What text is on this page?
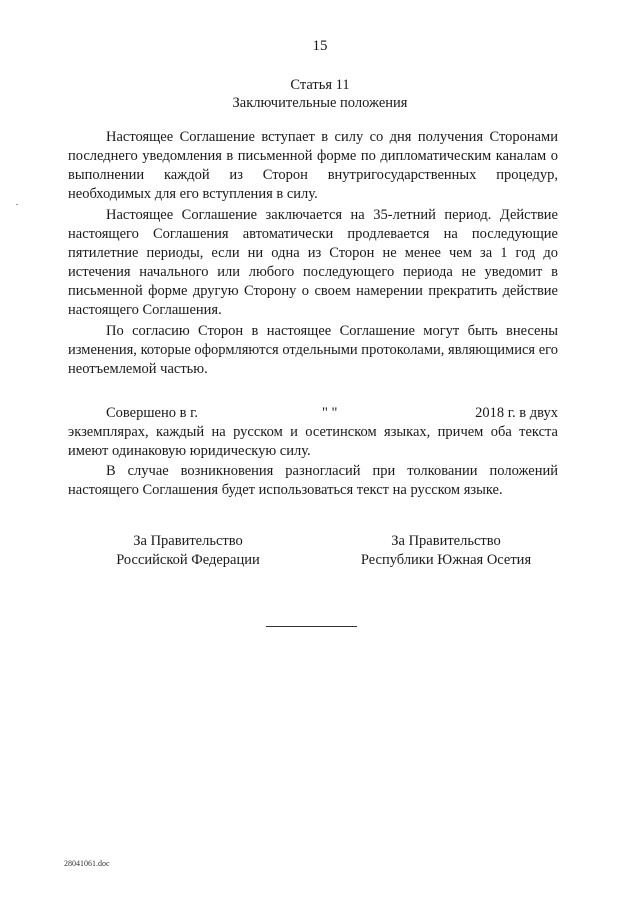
15
Статья 11
Заключительные положения

Настоящее Соглашение вступает в силу со дня получения Сторонами последнего уведомления в письменной форме по дипломатическим каналам о выполнении каждой из Сторон внутригосударственных процедур, необходимых для его вступления в силу.

Настоящее Соглашение заключается на 35-летний период. Действие настоящего Соглашения автоматически продлевается на последующие пятилетние периоды, если ни одна из Сторон не менее чем за 1 год до истечения начального или любого последующего периода не уведомит в письменной форме другую Сторону о своем намерении прекратить действие настоящего Соглашения.

По согласию Сторон в настоящее Соглашение могут быть внесены изменения, которые оформляются отдельными протоколами, являющимися его неотъемлемой частью.

Совершено в г.	" "	2018 г. в двух
экземплярах, каждый на русском и осетинском языках, причем оба текста имеют одинаковую юридическую силу.

В случае возникновения разногласий при толковании положений настоящего Соглашения будет использоваться текст на русском языке.

За Правительство
Российской Федерации
За Правительство
Республики Южная Осетия
28041061.doc
